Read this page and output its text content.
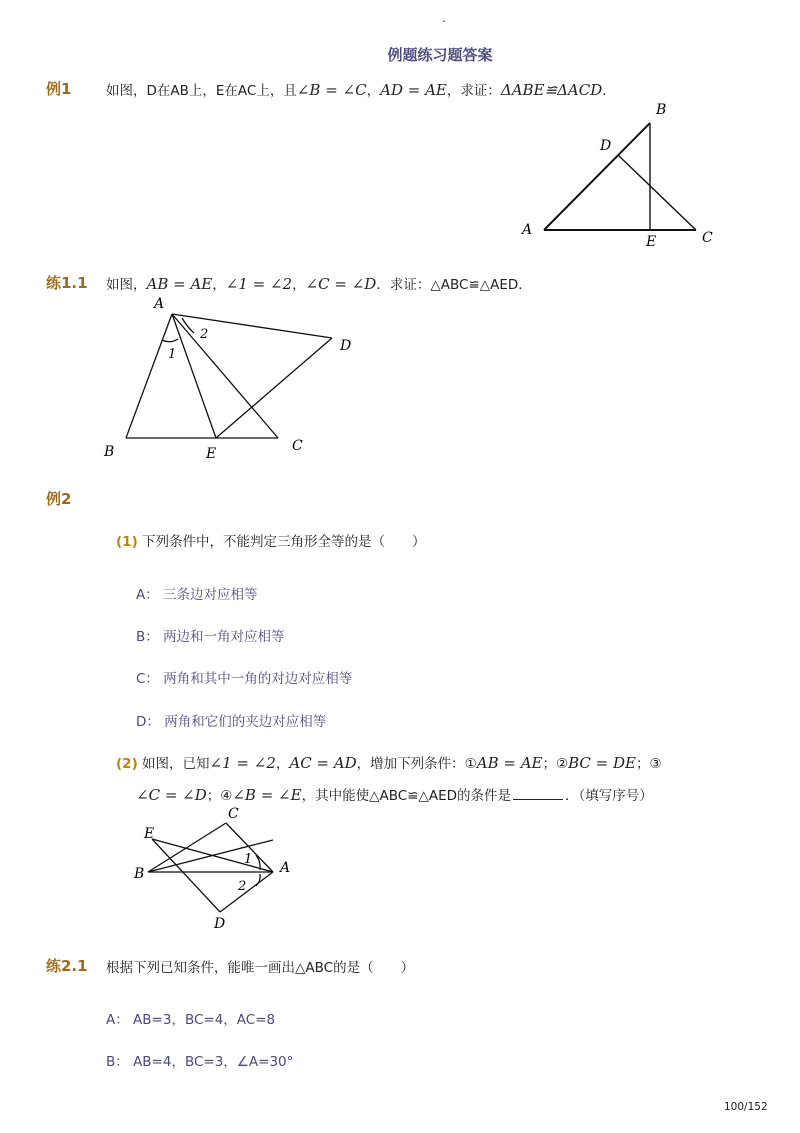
-
例题练习题答案
例1	如图，D在AB上，E在AC上，且∠B = ∠C，AD = AE，求证：ΔABE≌ΔACD．
A
B
C
D
E
练1.1 如图，AB = AE，∠1 = ∠2，∠C = ∠D．求证：△ABC≌△AED．
A
B	C
D
E
1
2
例2
(1) 下列条件中，不能判定三角形全等的是（　　）
A： 三条边对应相等
B： 两边和一角对应相等
C： 两角和其中一角的对边对应相等
D： 两角和它们的夹边对应相等
(2) 如图，已知∠1 = ∠2，AC = AD，增加下列条件：①AB = AE；②BC = DE；③
∠C = ∠D；④∠B = ∠E，其中能使△ABC≌△AED的条件是	．（填写序号）
E
B
C
A
D
1
2
练2.1 根据下列已知条件，能唯一画出△ABC的是（　　）
A： AB=3，BC=4，AC=8
B： AB=4，BC=3，∠A=30°
100/152
